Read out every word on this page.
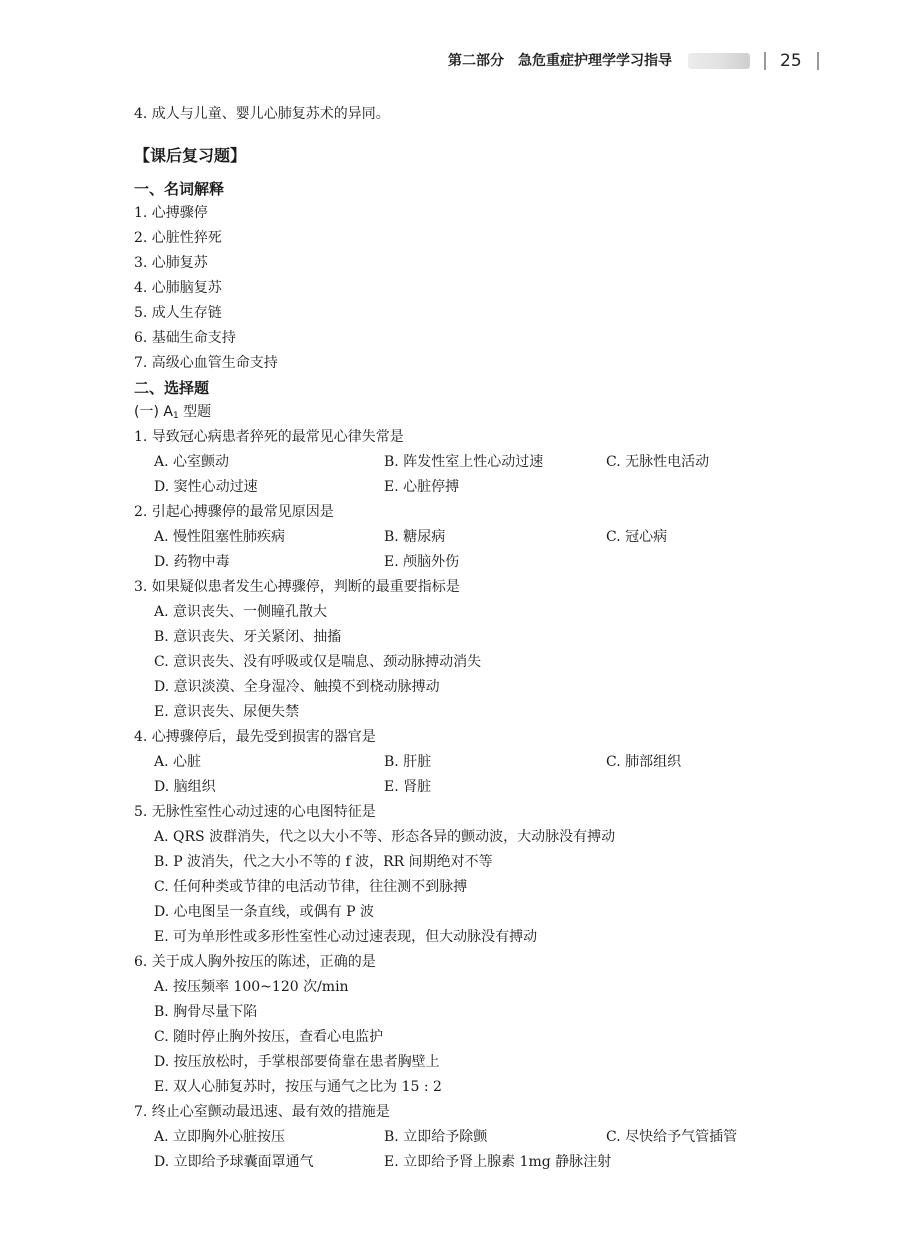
第二部分　急危重症护理学学习指导	25
4. 成人与儿童、婴儿心肺复苏术的异同。
【课后复习题】
一、名词解释
1. 心搏骤停
2. 心脏性猝死
3. 心肺复苏
4. 心肺脑复苏
5. 成人生存链
6. 基础生命支持
7. 高级心血管生命支持
二、选择题
(一) $A_1$ 型题
1. 导致冠心病患者猝死的最常见心律失常是
A. 心室颤动	B. 阵发性室上性心动过速	C. 无脉性电活动
D. 窦性心动过速	E. 心脏停搏
2. 引起心搏骤停的最常见原因是
A. 慢性阻塞性肺疾病	B. 糖尿病	C. 冠心病
D. 药物中毒	E. 颅脑外伤
3. 如果疑似患者发生心搏骤停，判断的最重要指标是
A. 意识丧失、一侧瞳孔散大
B. 意识丧失、牙关紧闭、抽搐
C. 意识丧失、没有呼吸或仅是喘息、颈动脉搏动消失
D. 意识淡漠、全身湿冷、触摸不到桡动脉搏动
E. 意识丧失、尿便失禁
4. 心搏骤停后，最先受到损害的器官是
A. 心脏	B. 肝脏	C. 肺部组织
D. 脑组织	E. 肾脏
5. 无脉性室性心动过速的心电图特征是
A. QRS 波群消失，代之以大小不等、形态各异的颤动波，大动脉没有搏动
B. P 波消失，代之大小不等的 f 波，RR 间期绝对不等
C. 任何种类或节律的电活动节律，往往测不到脉搏
D. 心电图呈一条直线，或偶有 P 波
E. 可为单形性或多形性室性心动过速表现，但大动脉没有搏动
6. 关于成人胸外按压的陈述，正确的是
A. 按压频率 100~120 次/min
B. 胸骨尽量下陷
C. 随时停止胸外按压，查看心电监护
D. 按压放松时，手掌根部要倚靠在患者胸壁上
E. 双人心肺复苏时，按压与通气之比为 15 : 2
7. 终止心室颤动最迅速、最有效的措施是
A. 立即胸外心脏按压	B. 立即给予除颤	C. 尽快给予气管插管
D. 立即给予球囊面罩通气	E. 立即给予肾上腺素 1mg 静脉注射
